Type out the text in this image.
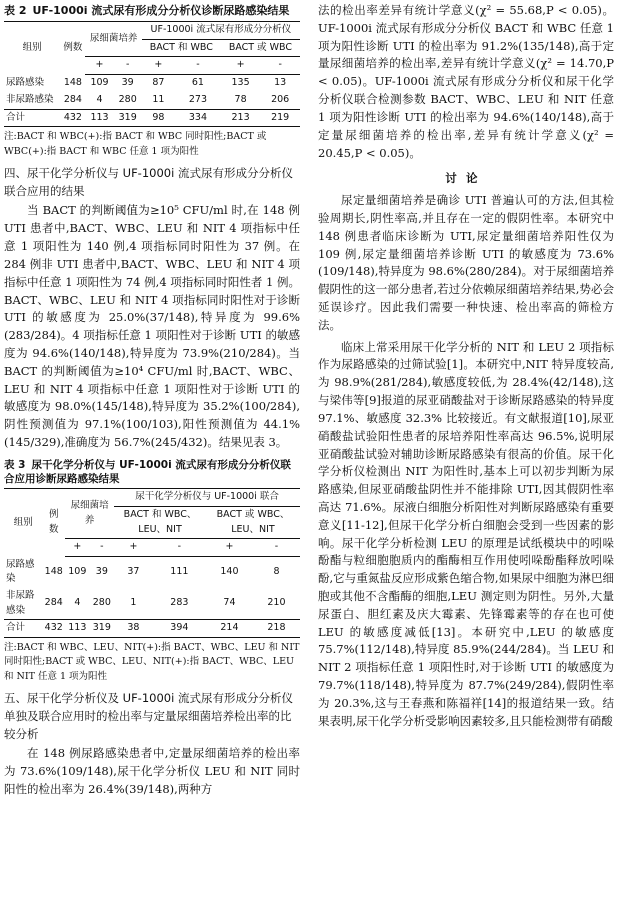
表 2 UF-1000i 流式尿有形成分分析仪诊断尿路感染结果
组别	例数	尿细菌培养		UF-1000i 流式尿有形成分分析仪			
				BACT 和 WBC		BACT 或 WBC	
		+	-	+	-	+	-
尿路感染	148	109	39	87	61	135	13
非尿路感染	284	4	280	11	273	78	206
合计	432	113	319	98	334	213	219
注:BACT 和 WBC(+):指 BACT 和 WBC 同时阳性;BACT 或 WBC(+):指 BACT 和 WBC 任意 1 项为阳性
四、尿干化学分析仪与 UF-1000i 流式尿有形成分分析仪联合应用的结果

当 BACT 的判断阈值为≥10⁵ CFU/ml 时,在 148 例 UTI 患者中,BACT、WBC、LEU 和 NIT 4 项指标中任意 1 项阳性为 140 例,4 项指标同时阳性为 37 例。在 284 例非 UTI 患者中,BACT、WBC、LEU 和 NIT 4 项指标中任意 1 项阳性为 74 例,4 项指标同时阳性者 1 例。BACT、WBC、LEU 和 NIT 4 项指标同时阳性对于诊断 UTI 的敏感度为 25.0%(37/148),特异度为 99.6%(283/284)。4 项指标任意 1 项阳性对于诊断 UTI 的敏感度为 94.6%(140/148),特异度为 73.9%(210/284)。当 BACT 的判断阈值为≥10⁴ CFU/ml 时,BACT、WBC、LEU 和 NIT 4 项指标中任意 1 项阳性对于诊断 UTI 的敏感度为 98.0%(145/148),特异度为 35.2%(100/284),阴性预测值为 97.1%(100/103),阳性预测值为 44.1%(145/329),准确度为 56.7%(245/432)。结果见表 3。

表 3 尿干化学分析仪与 UF-1000i 流式尿有形成分分析仪联合应用诊断尿路感染结果
组别	例数	尿细菌培养		尿干化学分析仪与 UF-1000i 联合			
				BACT 和 WBC、LEU、NIT		BACT 或 WBC、LEU、NIT	
		+	-	+	-	+	-
尿路感染	148	109	39	37	111	140	8
非尿路感染	284	4	280	1	283	74	210
合计	432	113	319	38	394	214	218
注:BACT 和 WBC、LEU、NIT(+):指 BACT、WBC、LEU 和 NIT 同时阳性;BACT 或 WBC、LEU、NIT(+):指 BACT、WBC、LEU 和 NIT 任意 1 项为阳性
五、尿干化学分析仪及 UF-1000i 流式尿有形成分分析仪单独及联合应用时的检出率与定量尿细菌培养检出率的比较分析

在 148 例尿路感染患者中,定量尿细菌培养的检出率为 73.6%(109/148),尿干化学分析仪 LEU 和 NIT 同时阳性的检出率为 26.4%(39/148),两种方

法的检出率差异有统计学意义(χ² = 55.68,P < 0.05)。UF-1000i 流式尿有形成分分析仪 BACT 和 WBC 任意 1 项为阳性诊断 UTI 的检出率为 91.2%(135/148),高于定量尿细菌培养的检出率,差异有统计学意义(χ² = 14.70,P < 0.05)。UF-1000i 流式尿有形成分分析仪和尿干化学分析仪联合检测参数 BACT、WBC、LEU 和 NIT 任意 1 项为阳性诊断 UTI 的检出率为 94.6%(140/148),高于定量尿细菌培养的检出率,差异有统计学意义(χ² = 20.45,P < 0.05)。

讨论

尿定量细菌培养是确诊 UTI 普遍认可的方法,但其检验周期长,阴性率高,并且存在一定的假阴性率。本研究中 148 例患者临床诊断为 UTI,尿定量细菌培养阳性仅为 109 例,尿定量细菌培养诊断 UTI 的敏感度为 73.6%(109/148),特异度为 98.6%(280/284)。对于尿细菌培养假阴性的这一部分患者,若过分依赖尿细菌培养结果,势必会延误诊疗。因此我们需要一种快速、检出率高的筛检方法。

临床上常采用尿干化学分析的 NIT 和 LEU 2 项指标作为尿路感染的过筛试验[1]。本研究中,NIT 特异度较高,为 98.9%(281/284),敏感度较低,为 28.4%(42/148),这与梁伟等[9]报道的尿亚硝酸盐对于诊断尿路感染的特异度 97.1%、敏感度 32.3% 比较接近。有文献报道[10],尿亚硝酸盐试验阳性患者的尿培养阳性率高达 96.5%,说明尿亚硝酸盐试验对辅助诊断尿路感染有很高的价值。尿干化学分析仪检测出 NIT 为阳性时,基本上可以初步判断为尿路感染,但尿亚硝酸盐阴性并不能排除 UTI,因其假阴性率高达 71.6%。尿液白细胞分析阳性对判断尿路感染有重要意义[11-12],但尿干化学分析白细胞会受到一些因素的影响。尿干化学分析检测 LEU 的原理是试纸模块中的吲哚酚酯与粒细胞胞质内的酯酶相互作用使吲哚酚酯释放吲哚酚,它与重氮盐反应形成紫色缩合物,如果尿中细胞为淋巴细胞或其他不含酯酶的细胞,LEU 测定则为阴性。另外,大量尿蛋白、胆红素及庆大霉素、先锋霉素等的存在也可使 LEU 的敏感度减低[13]。本研究中,LEU 的敏感度 75.7%(112/148),特异度 85.9%(244/284)。当 LEU 和 NIT 2 项指标任意 1 项阳性时,对于诊断 UTI 的敏感度为 79.7%(118/148),特异度为 87.7%(249/284),假阴性率为 20.3%,这与王春燕和陈福祥[14]的报道结果一致。结果表明,尿干化学分析受影响因素较多,且只能检测带有硝酸
